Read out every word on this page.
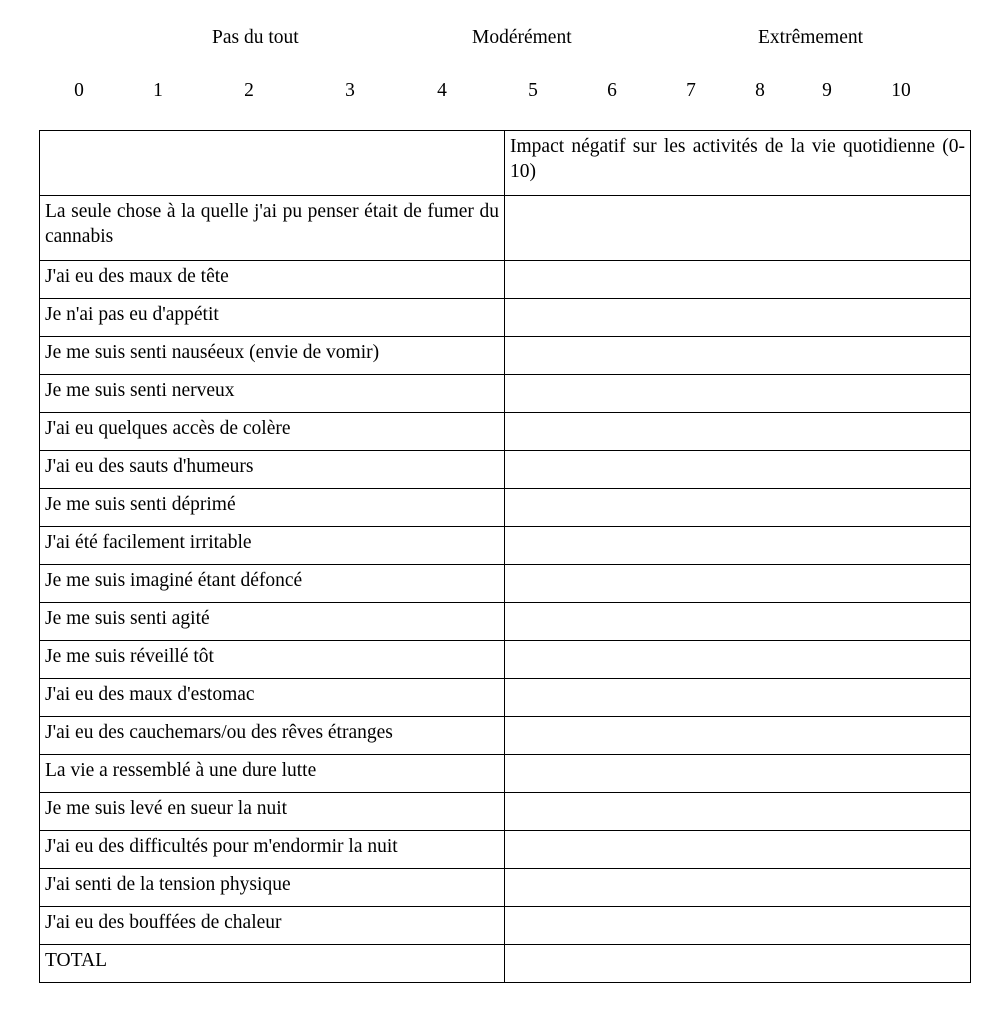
Pas du tout	Modérément	Extrêmement
0	1	2	3	4	5	6	7	8	9	10
	Impact négatif sur les activités de la vie quotidienne (0-10)
La seule chose à la quelle j'ai pu penser était de fumer du cannabis	
J'ai eu des maux de tête	
Je n'ai pas eu d'appétit	
Je me suis senti nauséeux (envie de vomir)	
Je me suis senti nerveux	
J'ai eu quelques accès de colère	
J'ai eu des sauts d'humeurs	
Je me suis senti déprimé	
J'ai été facilement irritable	
Je me suis imaginé étant défoncé	
Je me suis senti agité	
Je me suis réveillé tôt	
J'ai eu des maux d'estomac	
J'ai eu des cauchemars/ou des rêves étranges	
La vie a ressemblé à une dure lutte	
Je me suis levé en sueur la nuit	
J'ai eu des difficultés pour m'endormir la nuit	
J'ai senti de la tension physique	
J'ai eu des bouffées de chaleur	
TOTAL	
